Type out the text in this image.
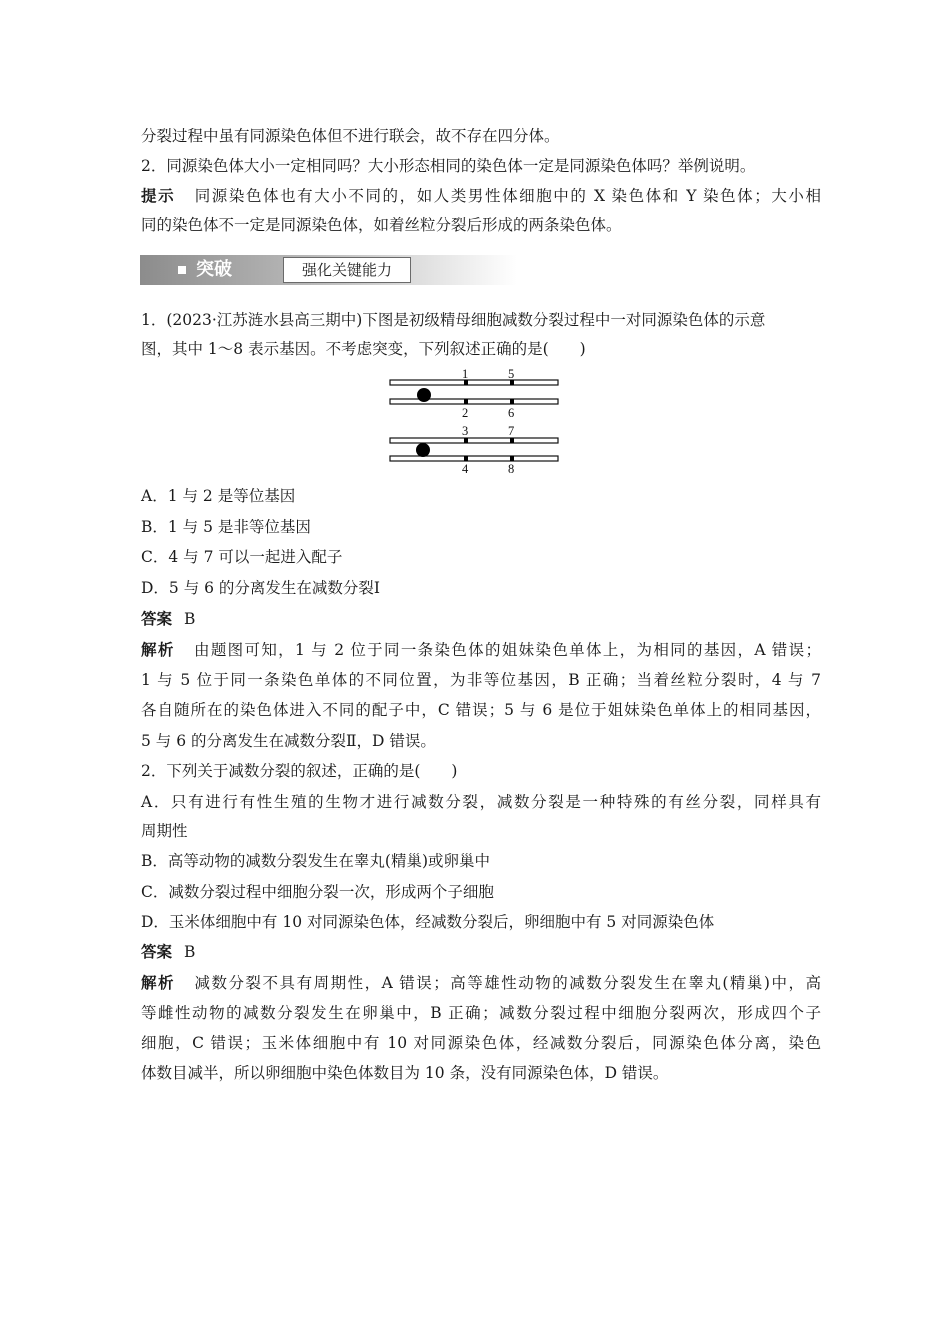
分裂过程中虽有同源染色体但不进行联会，故不存在四分体。
2．同源染色体大小一定相同吗？大小形态相同的染色体一定是同源染色体吗？举例说明。
提示 同源染色体也有大小不同的，如人类男性体细胞中的 X 染色体和 Y 染色体；大小相
同的染色体不一定是同源染色体，如着丝粒分裂后形成的两条染色体。
突破	强化关键能力
1．(2023·江苏涟水县高三期中)下图是初级精母细胞减数分裂过程中一对同源染色体的示意
图，其中 1～8 表示基因。不考虑突变，下列叙述正确的是(　　)
1	5
2	6
3	7
4	8
A．1 与 2 是等位基因
B．1 与 5 是非等位基因
C．4 与 7 可以一起进入配子
D．5 与 6 的分离发生在减数分裂Ⅰ
答案 B
解析 由题图可知，1 与 2 位于同一条染色体的姐妹染色单体上，为相同的基因，A 错误；
1 与 5 位于同一条染色单体的不同位置，为非等位基因，B 正确；当着丝粒分裂时，4 与 7
各自随所在的染色体进入不同的配子中，C 错误；5 与 6 是位于姐妹染色单体上的相同基因，
5 与 6 的分离发生在减数分裂Ⅱ，D 错误。
2．下列关于减数分裂的叙述，正确的是(　　)
A．只有进行有性生殖的生物才进行减数分裂，减数分裂是一种特殊的有丝分裂，同样具有
周期性
B．高等动物的减数分裂发生在睾丸(精巢)或卵巢中
C．减数分裂过程中细胞分裂一次，形成两个子细胞
D．玉米体细胞中有 10 对同源染色体，经减数分裂后，卵细胞中有 5 对同源染色体
答案 B
解析 减数分裂不具有周期性，A 错误；高等雄性动物的减数分裂发生在睾丸(精巢)中，高
等雌性动物的减数分裂发生在卵巢中，B 正确；减数分裂过程中细胞分裂两次，形成四个子
细胞，C 错误；玉米体细胞中有 10 对同源染色体，经减数分裂后，同源染色体分离，染色
体数目减半，所以卵细胞中染色体数目为 10 条，没有同源染色体，D 错误。
